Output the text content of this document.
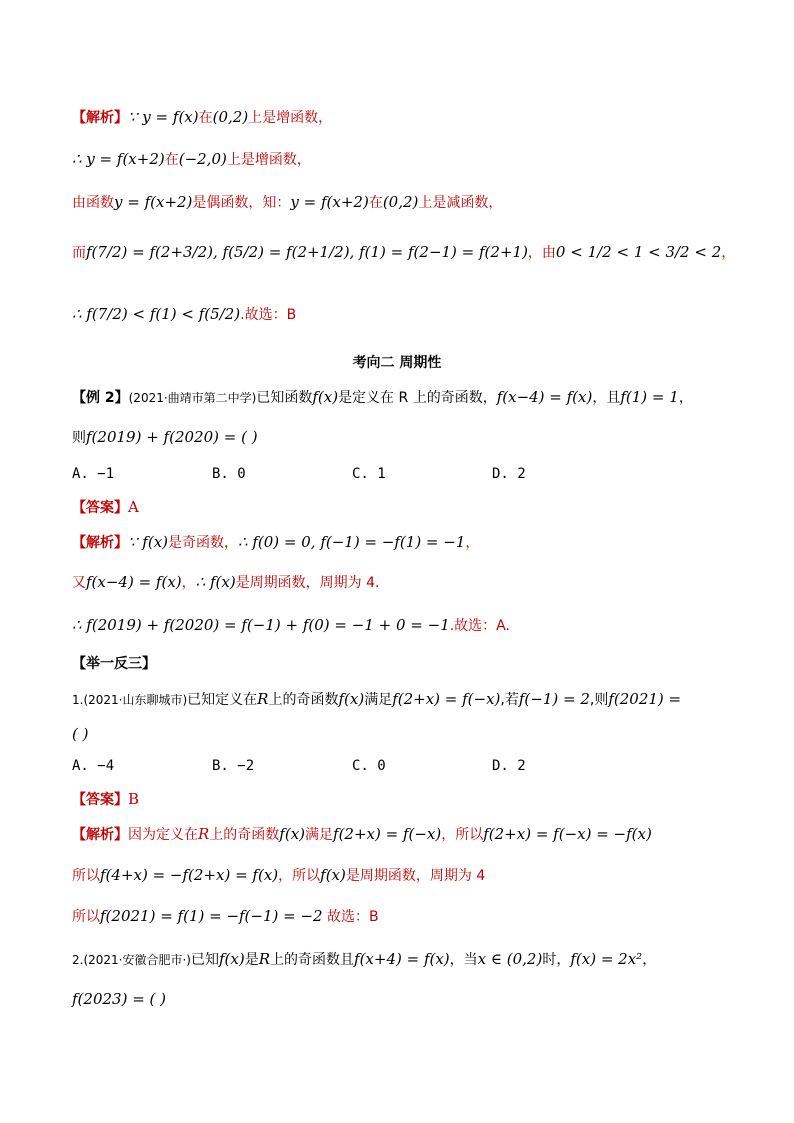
【解析】∵ y = f(x)在(0,2)上是增函数，
∴ y = f(x+2)在(−2,0)上是增函数，
由函数y = f(x+2)是偶函数，知：y = f(x+2)在(0,2)上是减函数，
而f(7/2) = f(2+3/2), f(5/2) = f(2+1/2), f(1) = f(2−1) = f(2+1)，由0 < 1/2 < 1 < 3/2 < 2，
∴ f(7/2) < f(1) < f(5/2).故选：B
考向二 周期性
【例 2】(2021·曲靖市第二中学)已知函数f(x)是定义在 R 上的奇函数，f(x−4) = f(x)，且f(1) = 1，
则f(2019) + f(2020) = ( )
A. −1	B. 0	C. 1	D. 2
【答案】A
【解析】∵ f(x)是奇函数，∴ f(0) = 0, f(−1) = −f(1) = −1，
又f(x−4) = f(x)，∴ f(x)是周期函数，周期为 4.
∴ f(2019) + f(2020) = f(−1) + f(0) = −1 + 0 = −1.故选：A.
【举一反三】
1.(2021·山东聊城市)已知定义在R上的奇函数f(x)满足f(2+x) = f(−x),若f(−1) = 2,则f(2021) =
( )
A. −4	B. −2	C. 0	D. 2
【答案】B
【解析】因为定义在R上的奇函数f(x)满足f(2+x) = f(−x)，所以f(2+x) = f(−x) = −f(x)
所以f(4+x) = −f(2+x) = f(x)，所以f(x)是周期函数，周期为 4
所以f(2021) = f(1) = −f(−1) = −2 故选：B
2.(2021·安徽合肥市·)已知f(x)是R上的奇函数且f(x+4) = f(x)，当x ∈ (0,2)时，f(x) = 2x²，
f(2023) = ( )
